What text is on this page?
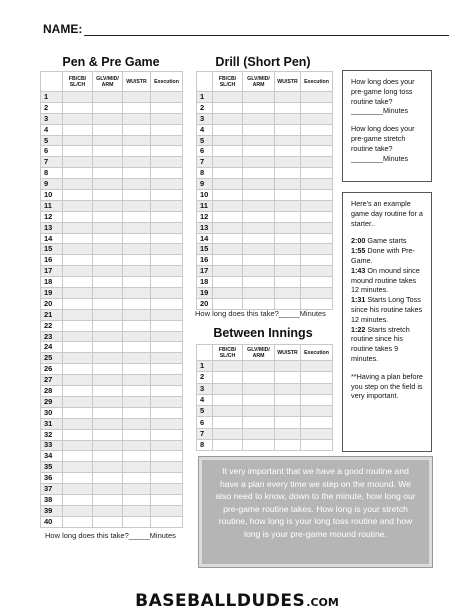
NAME:
Pen & Pre Game
	FB/CB/ SL/CH	GLV/MID/ ARM	WU/STR	Execution
1				
2				
3				
4				
5				
6				
7				
8				
9				
10				
11				
12				
13				
14				
15				
16				
17				
18				
19				
20				
21				
22				
23				
24				
25				
26				
27				
28				
29				
30				
31				
32				
33				
34				
35				
36				
37				
38				
39				
40				
How long does this take?_____Minutes
Drill (Short Pen)
	FB/CB/ SL/CH	GLV/MID/ ARM	WU/STR	Execution
1				
2				
3				
4				
5				
6				
7				
8				
9				
10				
11				
12				
13				
14				
15				
16				
17				
18				
19				
20				
How long does this take?_____Minutes
Between Innings
	FB/CB/ SL/CH	GLV/MID/ ARM	WU/STR	Execution
1				
2				
3				
4				
5				
6				
7				
8				

How long does your pre-game long toss routine take? ________Minutes

How long does your pre-game stretch routine take? ________Minutes

Here's an example game day routine for a starter..

2:00 Game starts
1:55 Done with Pre-Game.
1:43 On mound since mound routine takes 12 minutes.
1:31 Starts Long Toss since his routine takes 12 minutes.
1:22 Starts stretch routine since his routine takes 9 minutes.

**Having a plan before you step on the field is very important.

It very important that we have a good routine and have a plan every time we step on the mound. We also need to know, down to the minute, how long our pre-game routine takes. How long is your stretch routine, how long is your long toss routine and how long is your pre-game mound routine.
BASEBALL DUDES .COM
